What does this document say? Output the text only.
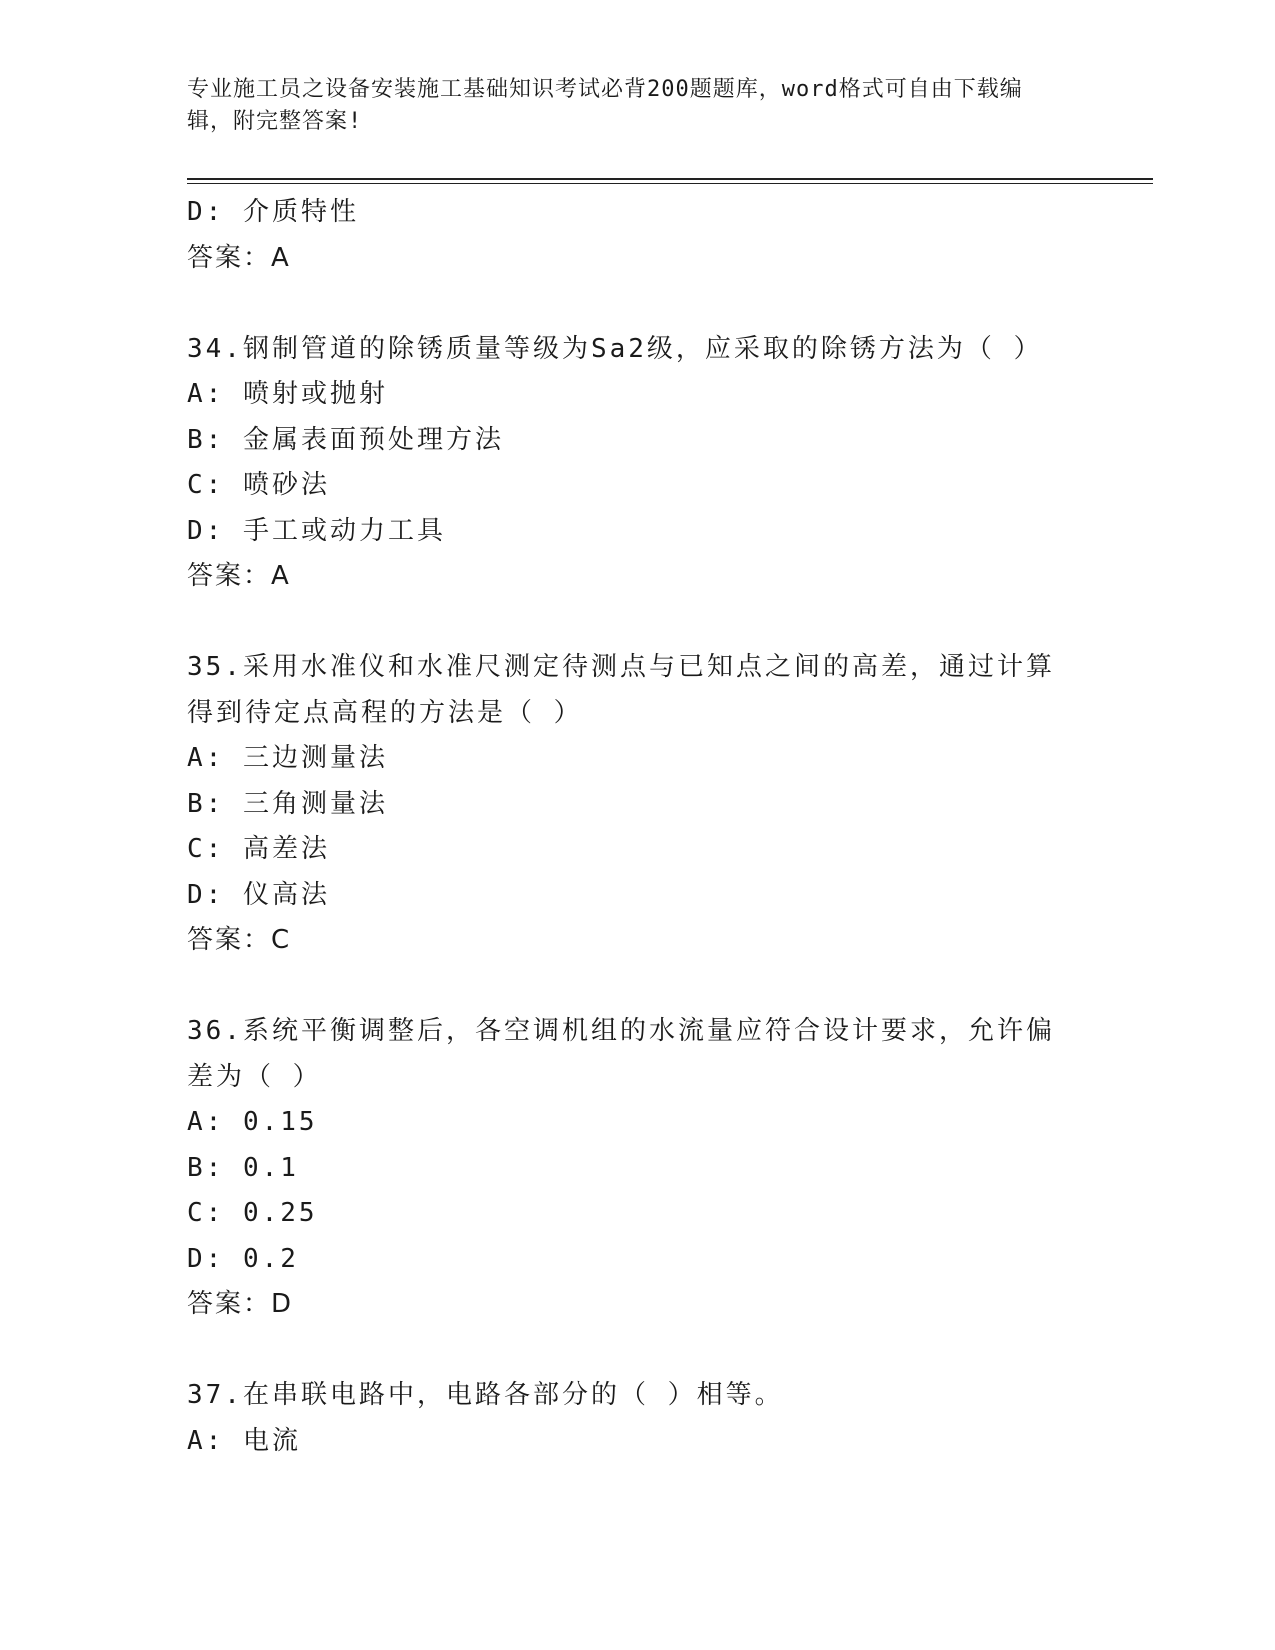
专业施工员之设备安装施工基础知识考试必背200题题库，word格式可自由下载编辑，附完整答案!
D: 介质特性
答案：A
34.钢制管道的除锈质量等级为Sa2级，应采取的除锈方法为（ ）
A: 喷射或抛射
B: 金属表面预处理方法
C: 喷砂法
D: 手工或动力工具
答案：A
35.采用水准仪和水准尺测定待测点与已知点之间的高差，通过计算得到待定点高程的方法是（ ）
A: 三边测量法
B: 三角测量法
C: 高差法
D: 仪高法
答案：C
36.系统平衡调整后，各空调机组的水流量应符合设计要求，允许偏差为（ ）
A: 0.15
B: 0.1
C: 0.25
D: 0.2
答案：D
37.在串联电路中，电路各部分的（ ）相等。
A: 电流
